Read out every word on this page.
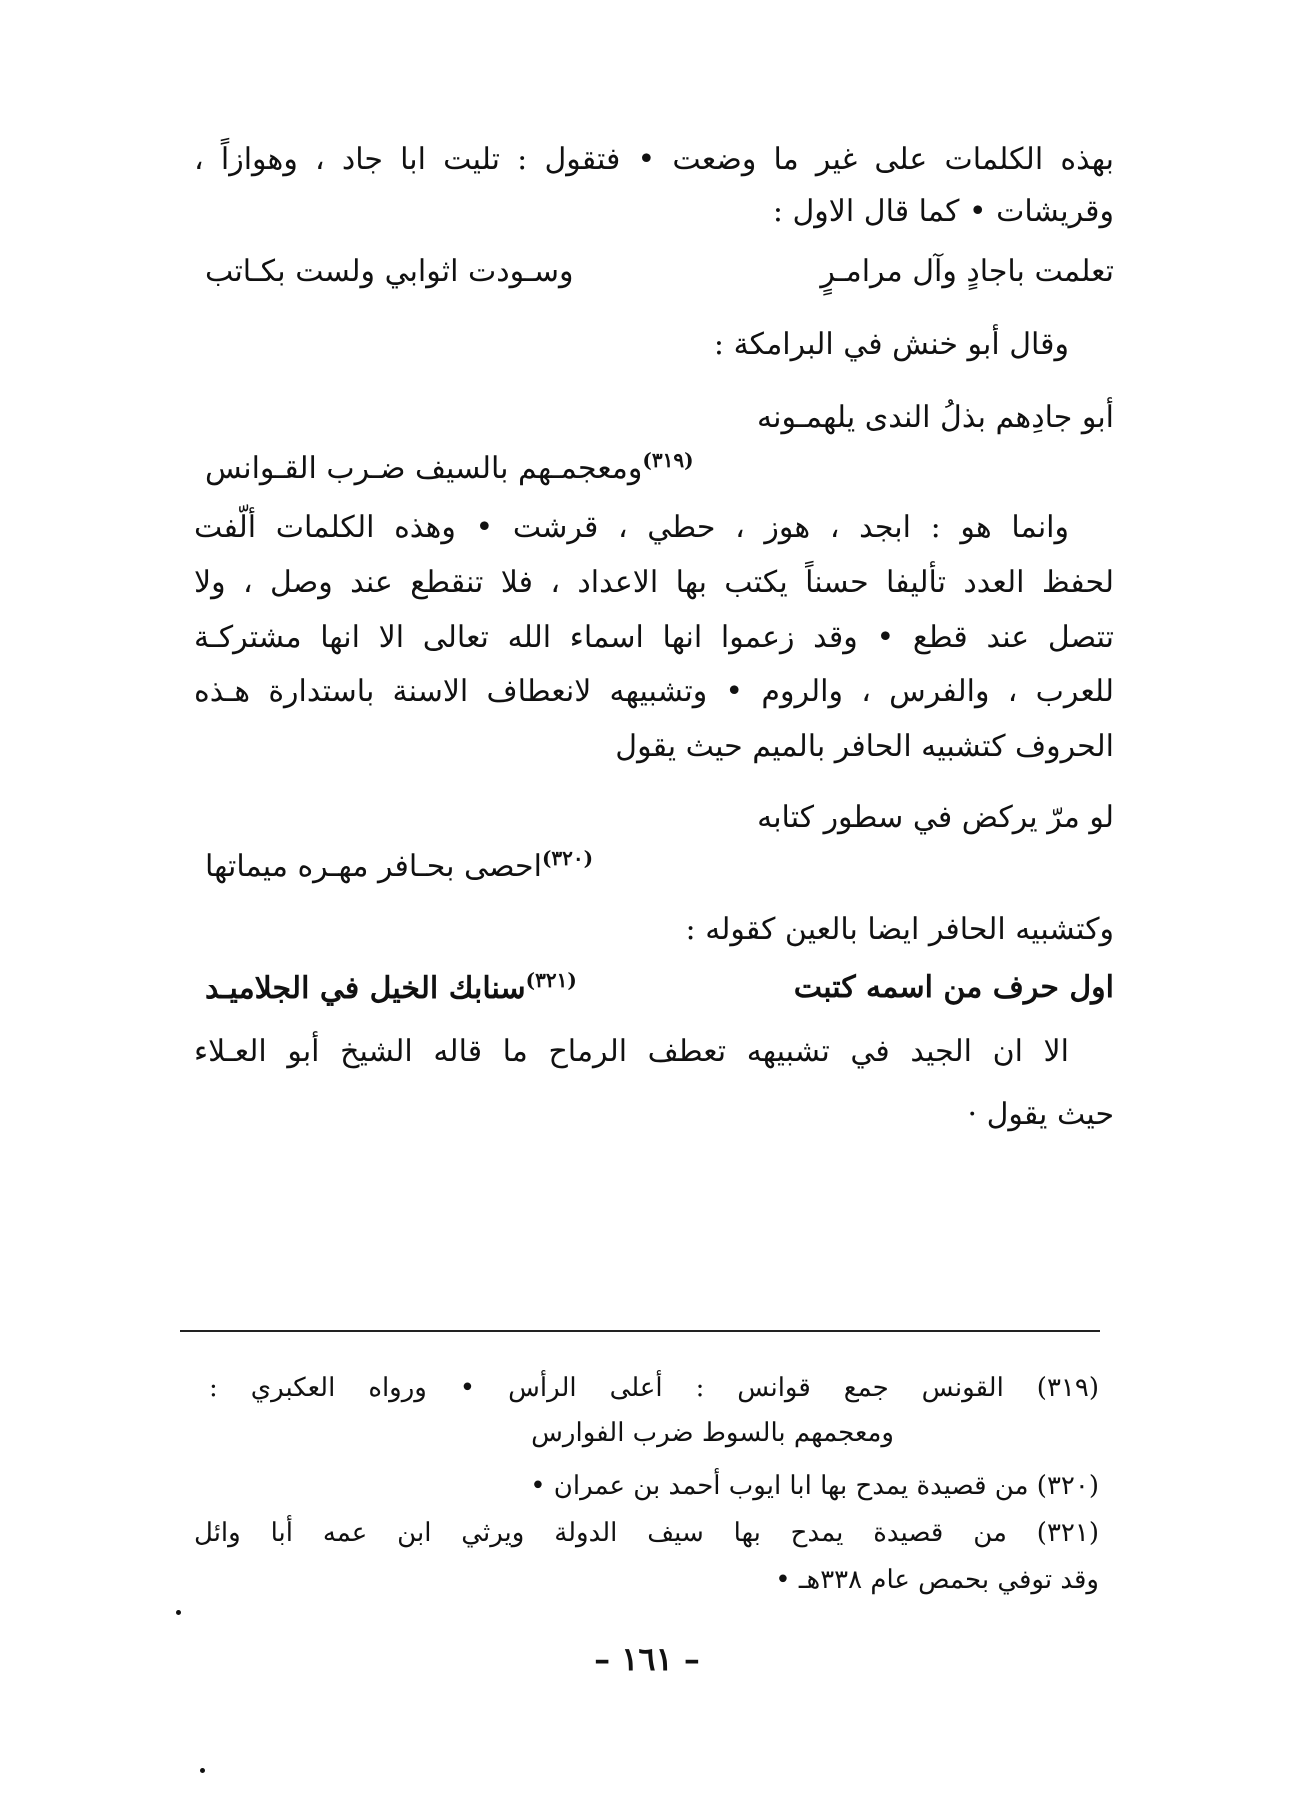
بهذه الكلمات على غير ما وضعت • فتقول : تليت ابا جاد ، وهوازاً ،
وقريشات • كما قال الاول :
تعلمت باجادٍ وآل مرامـرٍ
وسـودت اثوابي ولست بكـاتب
وقال أبو خنش في البرامكة :
أبو جادِهم بذلُ الندى يلهمـونه
$^{(٣١٩)}$ومعجمـهم بالسيف ضـرب القـوانس
وانما هو : ابجد ، هوز ، حطي ، قرشت • وهذه الكلمات ألّفت
لحفظ العدد تأليفا حسناً يكتب بها الاعداد ، فلا تنقطع عند وصل ، ولا
تتصل عند قطع • وقد زعموا انها اسماء الله تعالى الا انها مشتركـة
للعرب ، والفرس ، والروم • وتشبيهه لانعطاف الاسنة باستدارة هـذه
الحروف كتشبيه الحافر بالميم حيث يقول
لو مرّ يركض في سطور كتابه
$^{(٣٢٠)}$احصى بحـافر مهـره ميماتها
وكتشبيه الحافر ايضا بالعين كقوله :
اول حرف من اسمه كتبت
$^{(٣٢١)}$سنابك الخيل في الجلاميـد
الا ان الجيد في تشبيهه تعطف الرماح ما قاله الشيخ أبو العـلاء
حيث يقول ·
(٣١٩) القونس جمع قوانس : أعلى الرأس • ورواه العكبري :
ومعجمهم بالسوط ضرب الفوارس
(٣٢٠) من قصيدة يمدح بها ابا ايوب أحمد بن عمران •
(٣٢١) من قصيدة يمدح بها سيف الدولة ويرثي ابن عمه أبا وائل
وقد توفي بحمص عام ٣٣٨هـ •
– ١٦١ –
